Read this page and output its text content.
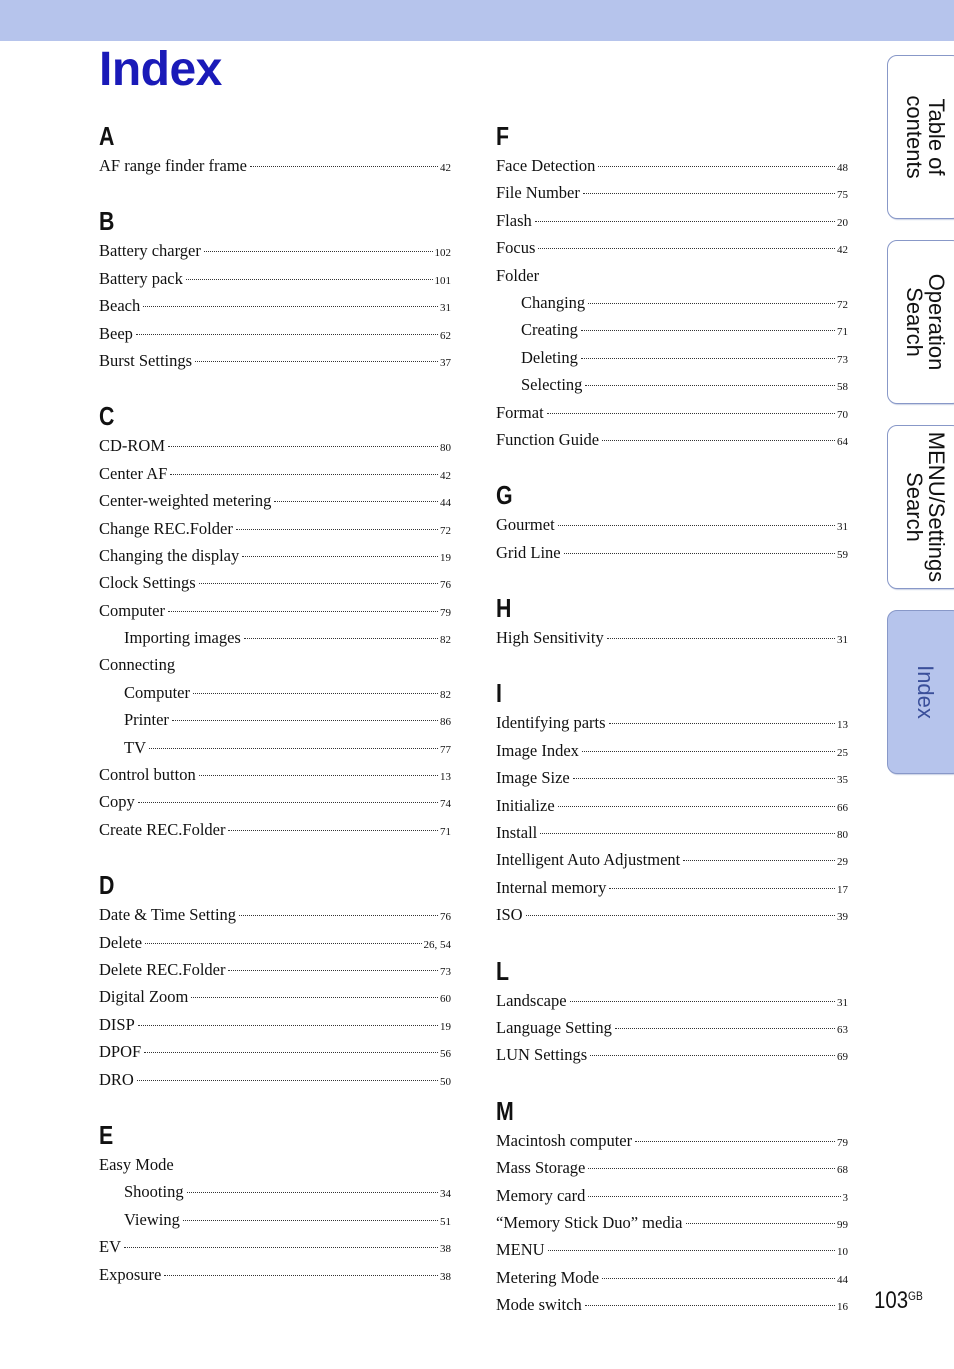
Index
A
AF range finder frame	42
B
Battery charger	102
Battery pack	101
Beach	31
Beep	62
Burst Settings	37
C
CD-ROM	80
Center AF	42
Center-weighted metering	44
Change REC.Folder	72
Changing the display	19
Clock Settings	76
Computer	79
Importing images	82
Connecting
Computer	82
Printer	86
TV	77
Control button	13
Copy	74
Create REC.Folder	71
D
Date & Time Setting	76
Delete	26, 54
Delete REC.Folder	73
Digital Zoom	60
DISP	19
DPOF	56
DRO	50
E
Easy Mode
Shooting	34
Viewing	51
EV	38
Exposure	38
F
Face Detection	48
File Number	75
Flash	20
Focus	42
Folder
Changing	72
Creating	71
Deleting	73
Selecting	58
Format	70
Function Guide	64
G
Gourmet	31
Grid Line	59
H
High Sensitivity	31
I
Identifying parts	13
Image Index	25
Image Size	35
Initialize	66
Install	80
Intelligent Auto Adjustment	29
Internal memory	17
ISO	39
L
Landscape	31
Language Setting	63
LUN Settings	69
M
Macintosh computer	79
Mass Storage	68
Memory card	3
“Memory Stick Duo” media	99
MENU	10
Metering Mode	44
Mode switch	16
Table of
contents
Operation
Search
MENU/Settings
Search
Index
$103^{GB}$
